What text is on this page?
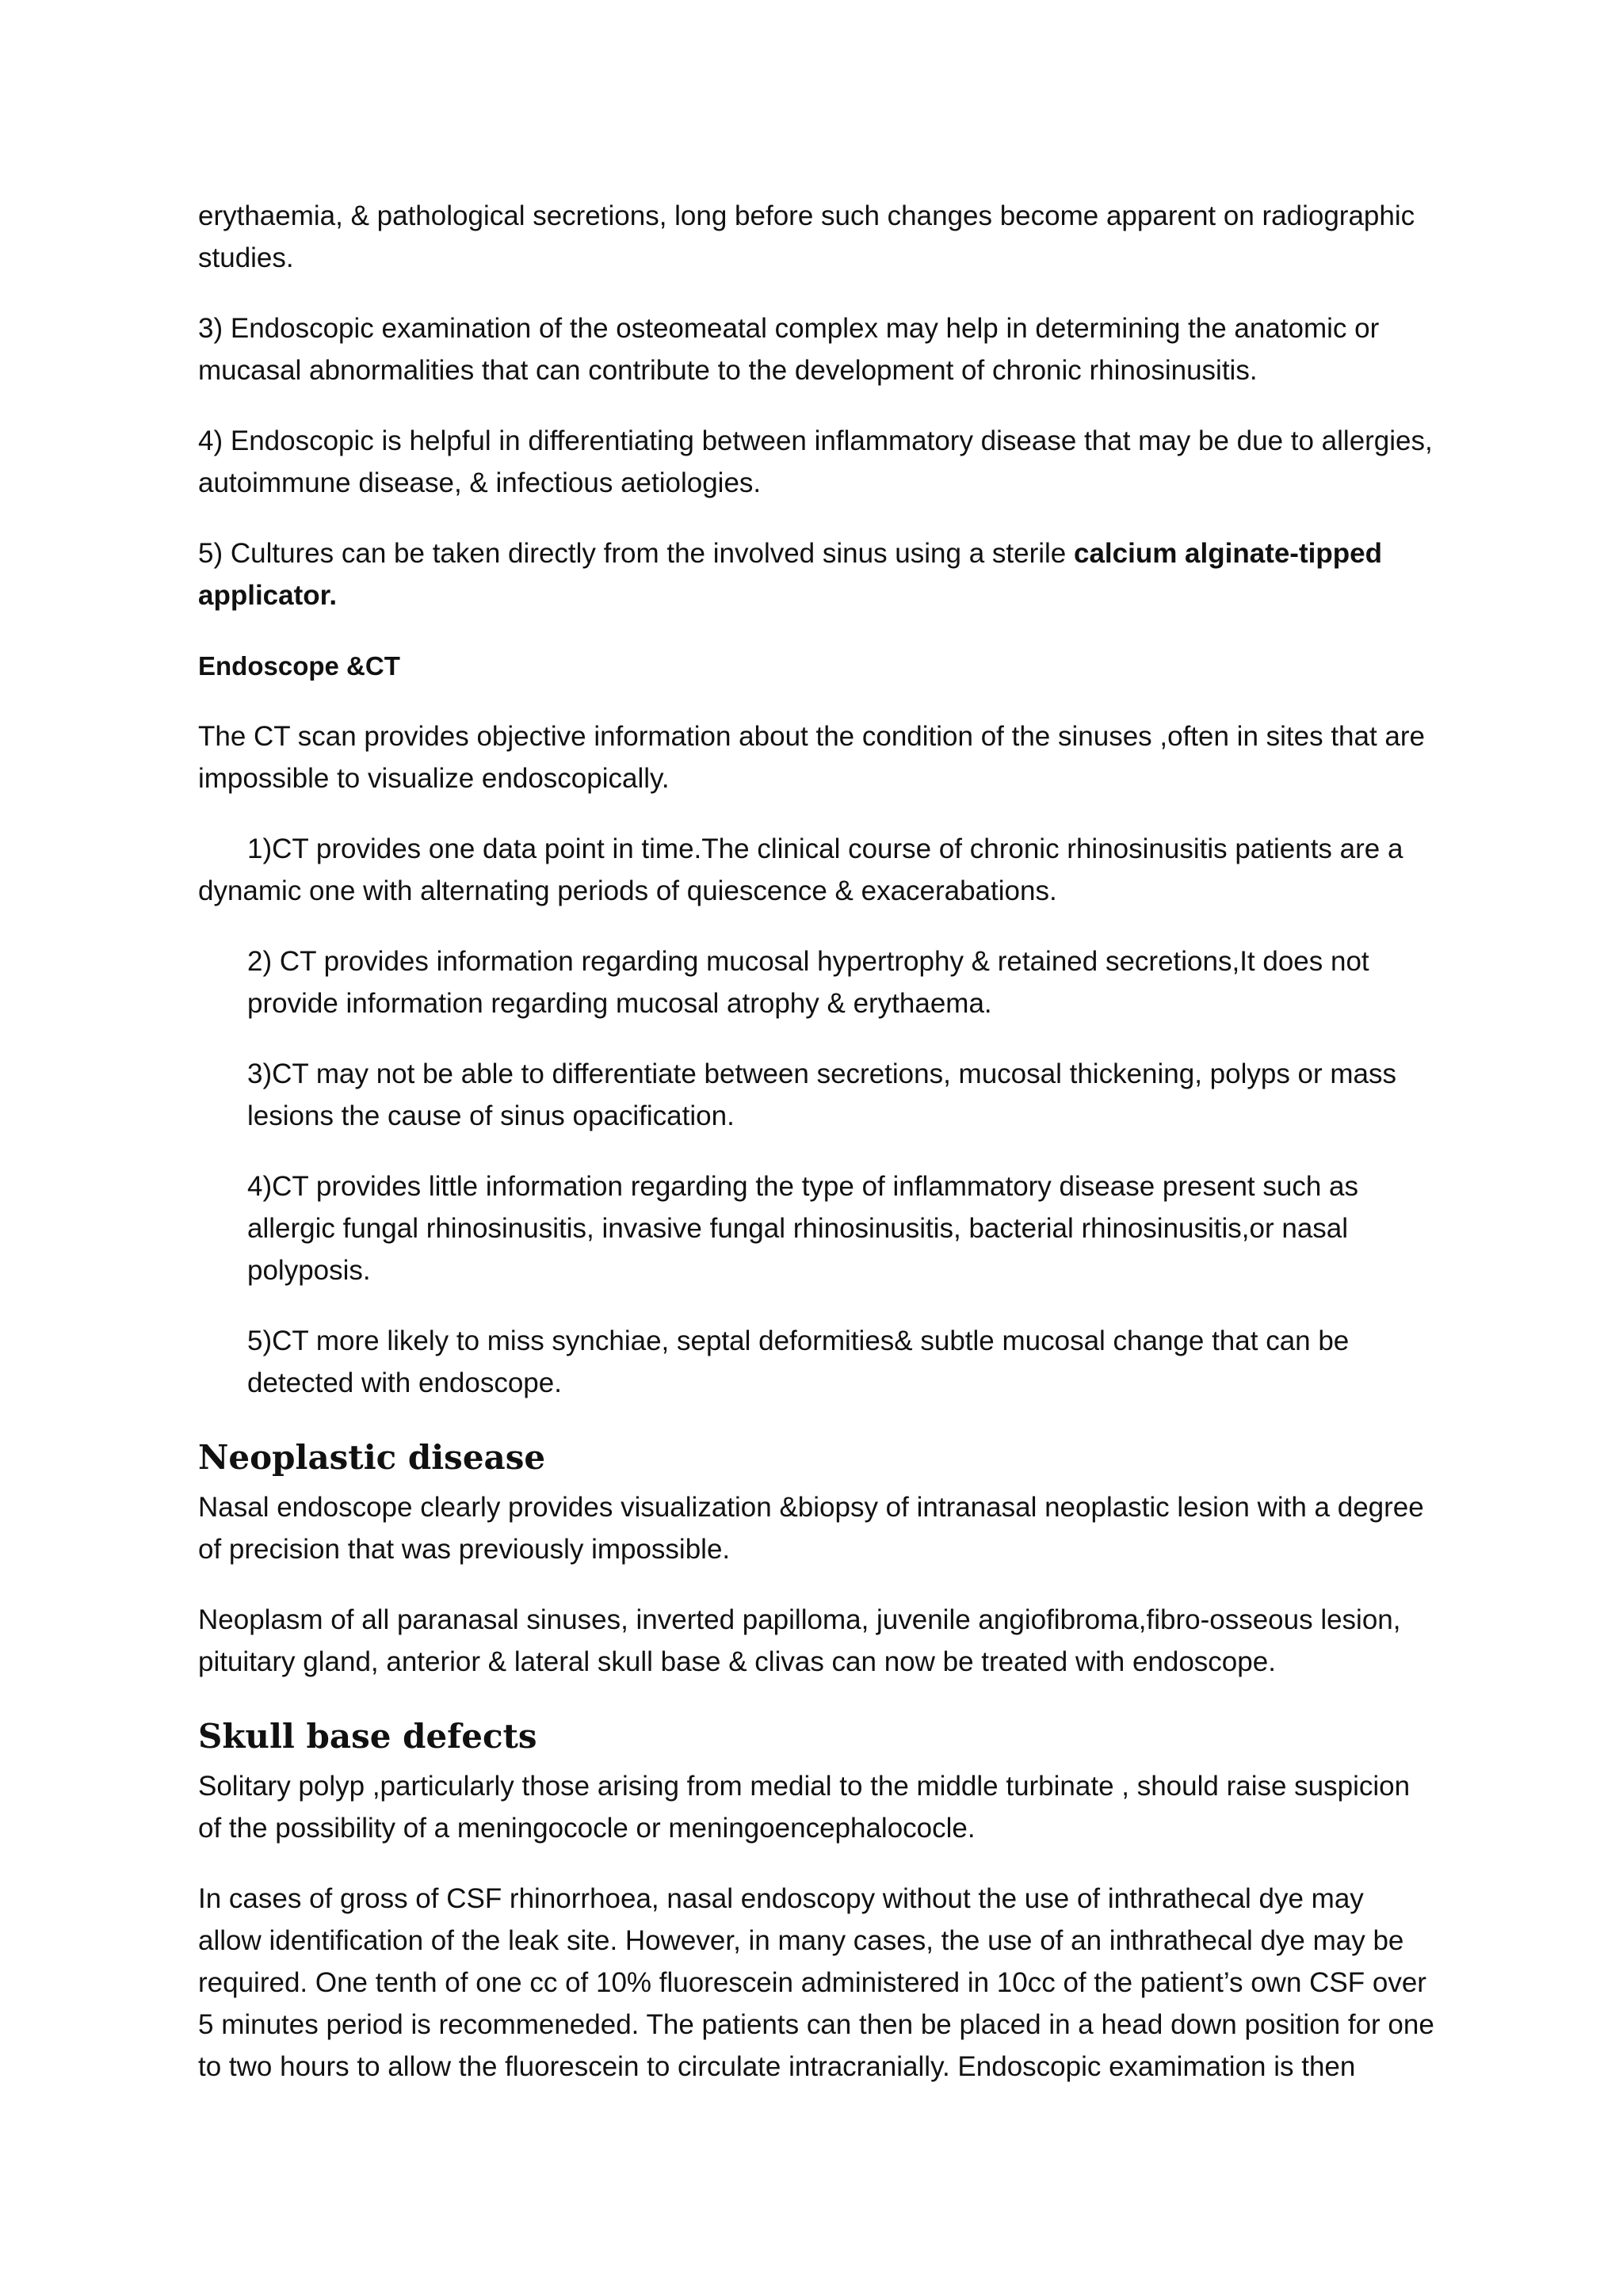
erythaemia, & pathological secretions, long before such changes become apparent on radiographic studies.

3) Endoscopic examination of the osteomeatal complex may help in determining the anatomic or mucasal abnormalities that can contribute to the development of chronic rhinosinusitis.

4) Endoscopic is helpful in differentiating between inflammatory disease that may be due to allergies, autoimmune disease, & infectious aetiologies.

5) Cultures can be taken directly from the involved sinus using a sterile calcium alginate-tipped applicator.

Endoscope &CT

The CT scan provides objective information about the condition of the sinuses ,often in sites that are impossible to visualize endoscopically.

1)CT provides one data point in time.The clinical course of chronic rhinosinusitis patients are a dynamic one with alternating periods of quiescence & exacerabations.

2) CT provides information regarding mucosal hypertrophy & retained secretions,It does not provide information regarding mucosal atrophy & erythaema.

3)CT may not be able to differentiate between secretions, mucosal thickening, polyps or mass lesions the cause of sinus opacification.

4)CT provides little information regarding the type of inflammatory disease present such as allergic fungal rhinosinusitis, invasive fungal rhinosinusitis, bacterial rhinosinusitis,or nasal polyposis.

5)CT more likely to miss synchiae, septal deformities& subtle mucosal change that can be detected with endoscope.

Neoplastic disease

Nasal endoscope clearly provides visualization &biopsy of intranasal neoplastic lesion with a degree of precision that was previously impossible.

Neoplasm of all paranasal sinuses, inverted papilloma, juvenile angiofibroma,fibro-osseous lesion, pituitary gland, anterior & lateral skull base & clivas can now be treated with endoscope.

Skull base defects

Solitary polyp ,particularly those arising from medial to the middle turbinate , should raise suspicion of the possibility of a meningococle or meningoencephalococle.

In cases of gross of CSF rhinorrhoea, nasal endoscopy without the use of inthrathecal dye may allow identification of the leak site. However, in many cases, the use of an inthrathecal dye may be required. One tenth of one cc of 10% fluorescein administered in 10cc of the patient’s own CSF over 5 minutes period is recommeneded. The patients can then be placed in a head down position for one to two hours to allow the fluorescein to circulate intracranially. Endoscopic examimation is then
